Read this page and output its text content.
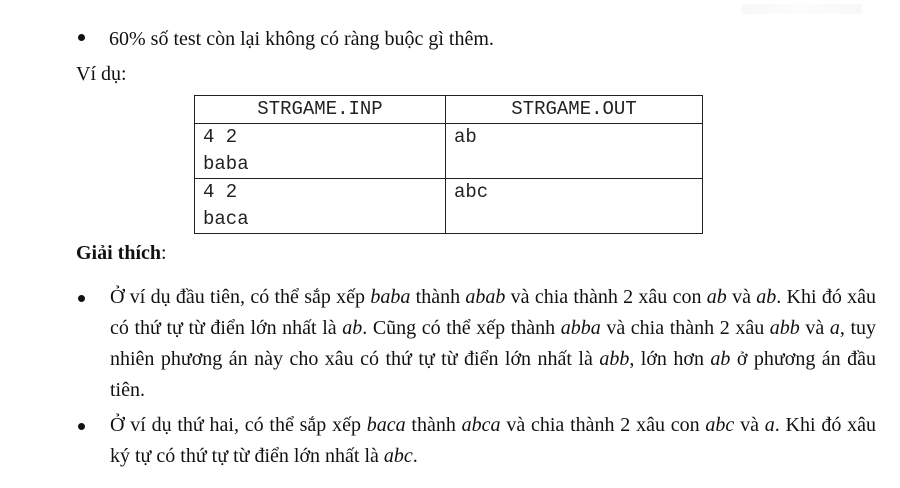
60% số test còn lại không có ràng buộc gì thêm.
Ví dụ:
STRGAME.INP	STRGAME.OUT

4 2
baba	ab

4 2
baca	abc
Giải thích:
Ở ví dụ đầu tiên, có thể sắp xếp baba thành abab và chia thành 2 xâu con ab và ab. Khi đó xâu có thứ tự từ điển lớn nhất là ab. Cũng có thể xếp thành abba và chia thành 2 xâu abb và a, tuy nhiên phương án này cho xâu có thứ tự từ điển lớn nhất là abb, lớn hơn ab ở phương án đầu tiên.
Ở ví dụ thứ hai, có thể sắp xếp baca thành abca và chia thành 2 xâu con abc và a. Khi đó xâu ký tự có thứ tự từ điển lớn nhất là abc.
